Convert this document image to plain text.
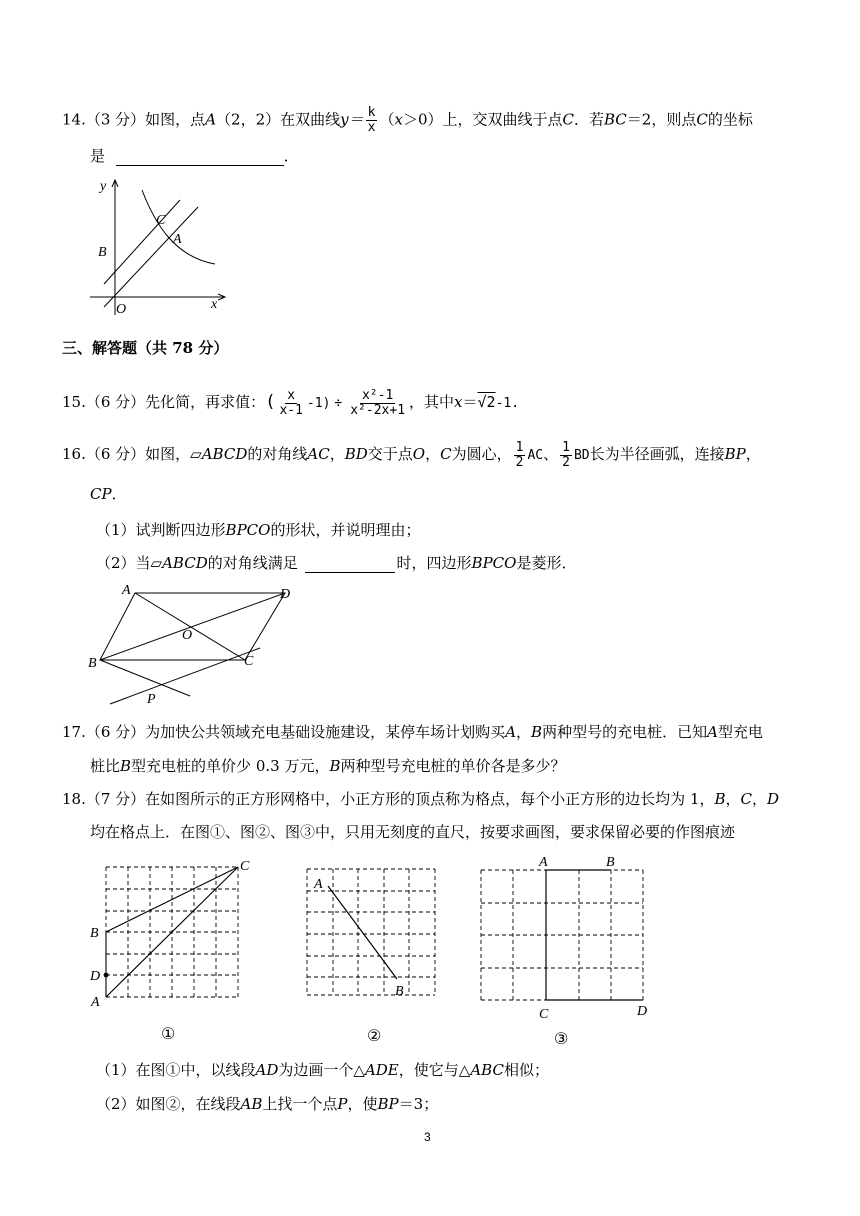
14.（3 分）如图，点A（2，2）在双曲线$y= \frac{k}{x} (x>0)$上，交双曲线于点C．若BC＝2，则点C的坐标
是	．
y
x
O
B
C
A
三、解答题（共 78 分）
15.（6 分）先化简，再求值：( $\frac{x}{x-1} -1) \div \frac{\text{x²-1}}{\text{x²-2x+1}}$ ，其中x＝√2-1.
16.（6 分）如图，▱ABCD的对角线AC，BD交于点O，C为圆心， $\frac{1}{2}$ AC、 $\frac{1}{2}$ BD长为半径画弧，连接BP，
CP．
（1）试判断四边形BPCO的形状，并说明理由；
（2）当▱ABCD的对角线满足	时，四边形BPCO是菱形．
A	D
O
B	C
P
17.（6 分）为加快公共领域充电基础设施建设，某停车场计划购买A，B两种型号的充电桩．已知A型充电
桩比B型充电桩的单价少 0.3 万元，B两种型号充电桩的单价各是多少？
18.（7 分）在如图所示的正方形网格中，小正方形的顶点称为格点，每个小正方形的边长均为 1，B，C，D
均在格点上．在图①、图②、图③中，只用无刻度的直尺，按要求画图，要求保留必要的作图痕迹
C
B
D
A
A
B
A	B
C	D
①	②	③
（1）在图①中，以线段AD为边画一个△ADE，使它与△ABC相似；
（2）如图②，在线段AB上找一个点P，使BP＝3；
3
